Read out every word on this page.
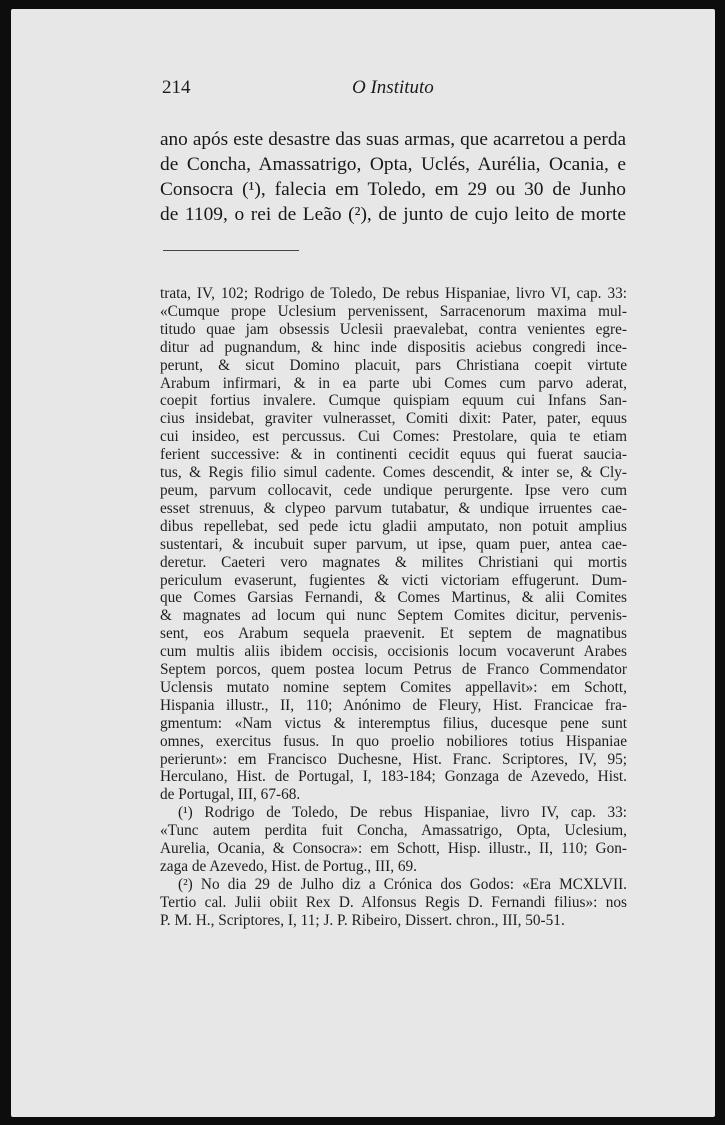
214	O Instituto
ano após este desastre das suas armas, que acarretou a perda
de Concha, Amassatrigo, Opta, Uclés, Aurélia, Ocania, e
Consocra (¹), falecia em Toledo, em 29 ou 30 de Junho
de 1109, o rei de Leão (²), de junto de cujo leito de morte
trata, IV, 102; Rodrigo de Toledo, De rebus Hispaniae, livro VI, cap. 33:
«Cumque prope Uclesium pervenissent, Sarracenorum maxima mul-
titudo quae jam obsessis Uclesii praevalebat, contra venientes egre-
ditur ad pugnandum, & hinc inde dispositis aciebus congredi ince-
perunt, & sicut Domino placuit, pars Christiana coepit virtute
Arabum infirmari, & in ea parte ubi Comes cum parvo aderat,
coepit fortius invalere. Cumque quispiam equum cui Infans San-
cius insidebat, graviter vulnerasset, Comiti dixit: Pater, pater, equus
cui insideo, est percussus. Cui Comes: Prestolare, quia te etiam
ferient successive: & in continenti cecidit equus qui fuerat saucia-
tus, & Regis filio simul cadente. Comes descendit, & inter se, & Cly-
peum, parvum collocavit, cede undique perurgente. Ipse vero cum
esset strenuus, & clypeo parvum tutabatur, & undique irruentes cae-
dibus repellebat, sed pede ictu gladii amputato, non potuit amplius
sustentari, & incubuit super parvum, ut ipse, quam puer, antea cae-
deretur. Caeteri vero magnates & milites Christiani qui mortis
periculum evaserunt, fugientes & victi victoriam effugerunt. Dum-
que Comes Garsias Fernandi, & Comes Martinus, & alii Comites
& magnates ad locum qui nunc Septem Comites dicitur, pervenis-
sent, eos Arabum sequela praevenit. Et septem de magnatibus
cum multis aliis ibidem occisis, occisionis locum vocaverunt Arabes
Septem porcos, quem postea locum Petrus de Franco Commendator
Uclensis mutato nomine septem Comites appellavit»: em Schott,
Hispania illustr., II, 110; Anónimo de Fleury, Hist. Francicae fra-
gmentum: «Nam victus & interemptus filius, ducesque pene sunt
omnes, exercitus fusus. In quo proelio nobiliores totius Hispaniae
perierunt»: em Francisco Duchesne, Hist. Franc. Scriptores, IV, 95;
Herculano, Hist. de Portugal, I, 183-184; Gonzaga de Azevedo, Hist.
de Portugal, III, 67-68.
(¹) Rodrigo de Toledo, De rebus Hispaniae, livro IV, cap. 33:
«Tunc autem perdita fuit Concha, Amassatrigo, Opta, Uclesium,
Aurelia, Ocania, & Consocra»: em Schott, Hisp. illustr., II, 110; Gon-
zaga de Azevedo, Hist. de Portug., III, 69.
(²) No dia 29 de Julho diz a Crónica dos Godos: «Era MCXLVII.
Tertio cal. Julii obiit Rex D. Alfonsus Regis D. Fernandi filius»: nos
P. M. H., Scriptores, I, 11; J. P. Ribeiro, Dissert. chron., III, 50-51.
